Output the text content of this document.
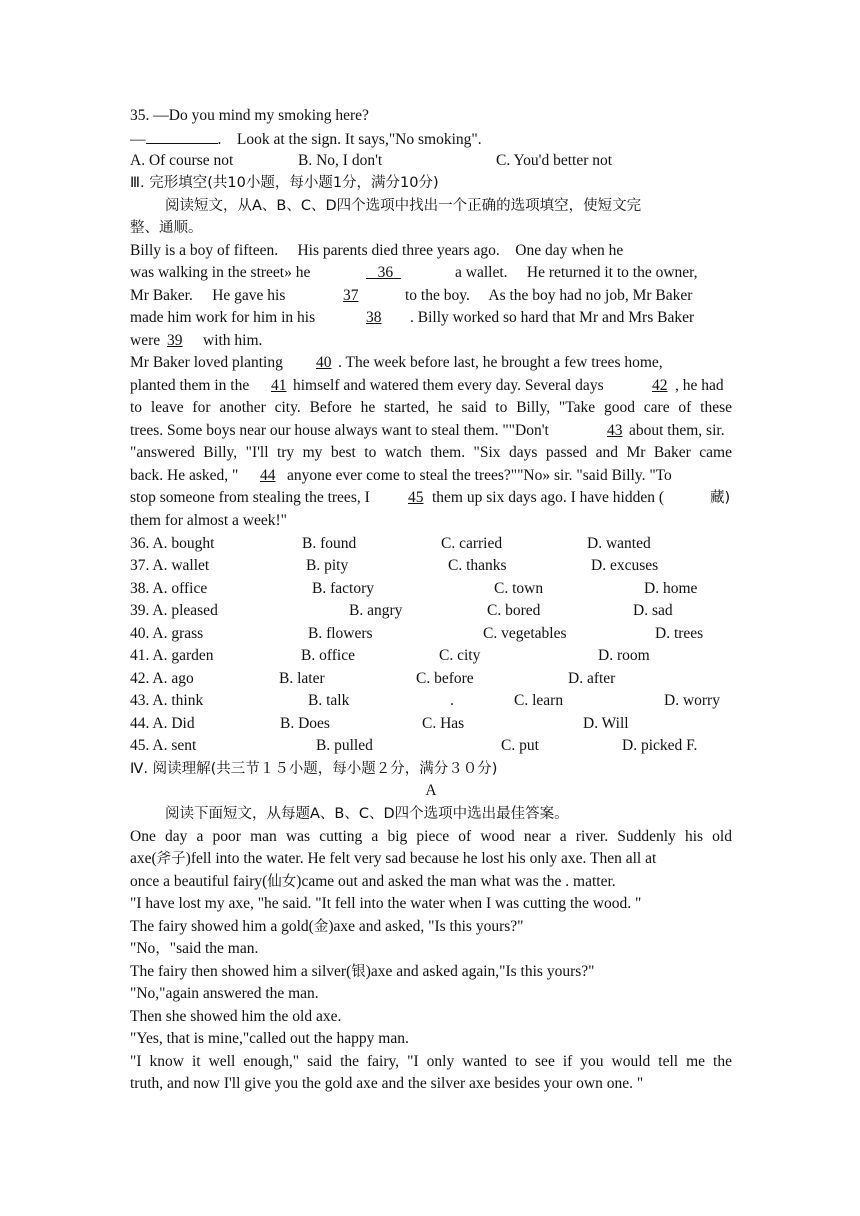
35. —Do you mind my smoking here?
—	.    Look at the sign. It says,"No smoking".
A. Of course not	B. No, I don't	C. You'd better not
Ⅲ. 完形填空(共10小题，每小题1分，满分10分)
阅读短文，从A、B、C、D四个选项中找出一个正确的选项填空，使短文完
整、通顺。
Billy is a boy of fifteen.     His parents died three years ago.    One day when he
was walking in the street» he	36	a wallet.     He returned it to the owner,
Mr Baker.     He gave his	37	to the boy.     As the boy had no job, Mr Baker
made him work for him in his	38 . Billy worked so hard that Mr and Mrs Baker
were 39 with him.
Mr Baker loved planting 40 . The week before last, he brought a few trees home,
planted them in the 41 himself and watered them every day. Several days	42 , he had
to leave for another city. Before he started, he said to Billy, "Take good care of these
trees. Some boys near our house always want to steal them. ""Don't	43 about them, sir.
"answered Billy, "I'll try my best to watch them. "Six days passed and Mr Baker came
back. He asked, " 44 anyone ever come to steal the trees?""No» sir. "said Billy. "To
stop someone from stealing the trees, I 45 them up six days ago. I have hidden (	藏)
them for almost a week!"
36. A. bought	B. found	C. carried	D. wanted
37. A. wallet	B. pity	C. thanks	D. excuses
38. A. office	B. factory	C. town	D. home
39. A. pleased	B. angry	C. bored	D. sad
40. A. grass	B. flowers	C. vegetables	D. trees
41. A. garden	B. office	C. city	D. room
42. A. ago	B. later	C. before	D. after
43. A. think	B. talk	.	C. learn	D. worry
44. A. Did	B. Does	C. Has	D. Will
45. A. sent	B. pulled	C. put	D. picked F.
Ⅳ. 阅读理解(共三节１５小题，每小题２分，满分３０分)
A
阅读下面短文，从每题A、B、C、D四个选项中选出最佳答案。
One day a poor man was cutting a big piece of wood near a river. Suddenly his old
axe(斧子)fell into the water. He felt very sad because he lost his only axe. Then all at
once a beautiful fairy(仙女)came out and asked the man what was the . matter.
"I have lost my axe, "he said. "It fell into the water when I was cutting the wood. "
The fairy showed him a gold(金)axe and asked, "Is this yours?"
"No，"said the man.
The fairy then showed him a silver(银)axe and asked again,"Is this yours?"
"No,"again answered the man.
Then she showed him the old axe.
"Yes, that is mine,"called out the happy man.
"I know it well enough," said the fairy, "I only wanted to see if you would tell me the
truth, and now I'll give you the gold axe and the silver axe besides your own one. "
